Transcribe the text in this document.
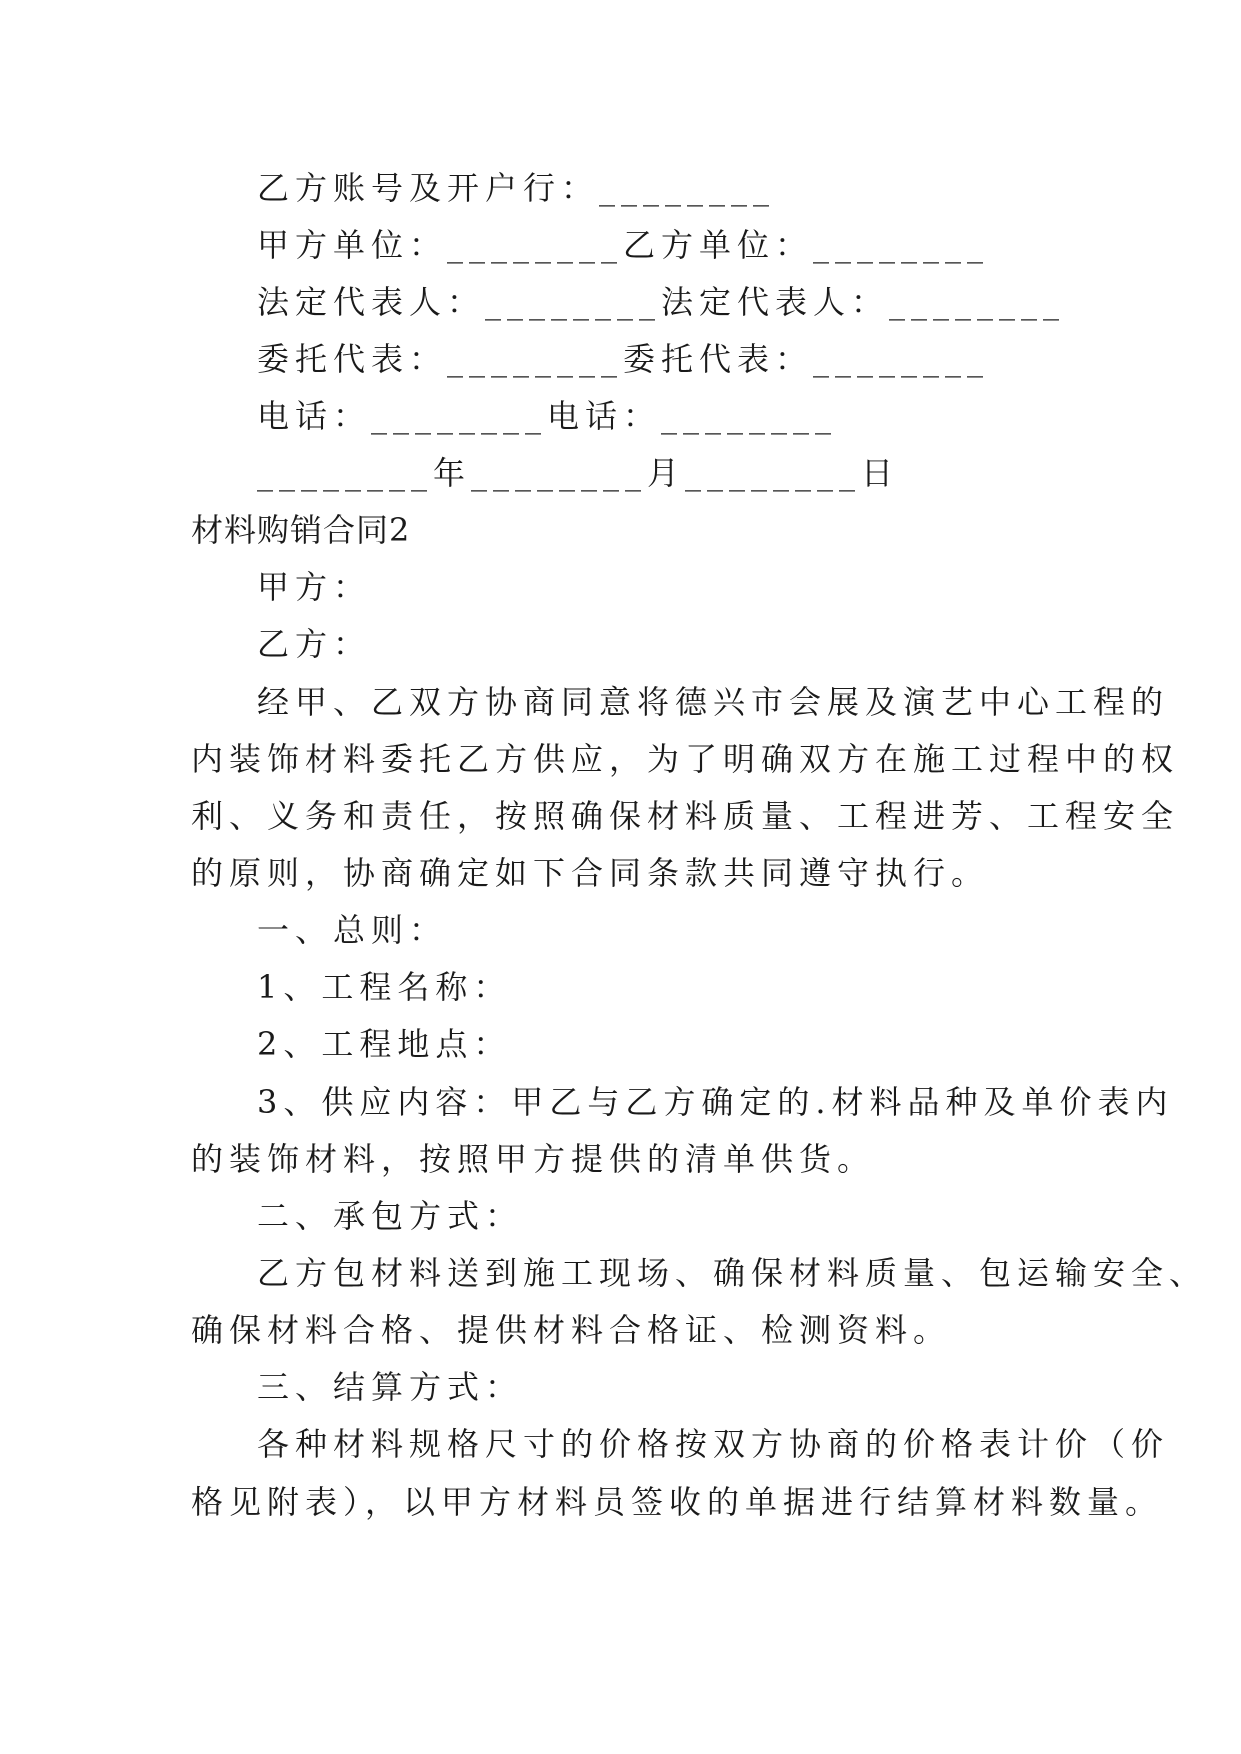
乙方账号及开户行：________
甲方单位：________乙方单位：________
法定代表人：________法定代表人：________
委托代表：________委托代表：________
电话：________电话：________
________年________月________日
材料购销合同2
甲方：
乙方：
经甲、乙双方协商同意将德兴市会展及演艺中心工程的
内装饰材料委托乙方供应，为了明确双方在施工过程中的权
利、义务和责任，按照确保材料质量、工程进芳、工程安全
的原则，协商确定如下合同条款共同遵守执行。
一、总则：
1、工程名称：
2、工程地点：
3、供应内容：甲乙与乙方确定的.材料品种及单价表内
的装饰材料，按照甲方提供的清单供货。
二、承包方式：
乙方包材料送到施工现场、确保材料质量、包运输安全、
确保材料合格、提供材料合格证、检测资料。
三、结算方式：
各种材料规格尺寸的价格按双方协商的价格表计价（价
格见附表），以甲方材料员签收的单据进行结算材料数量。
